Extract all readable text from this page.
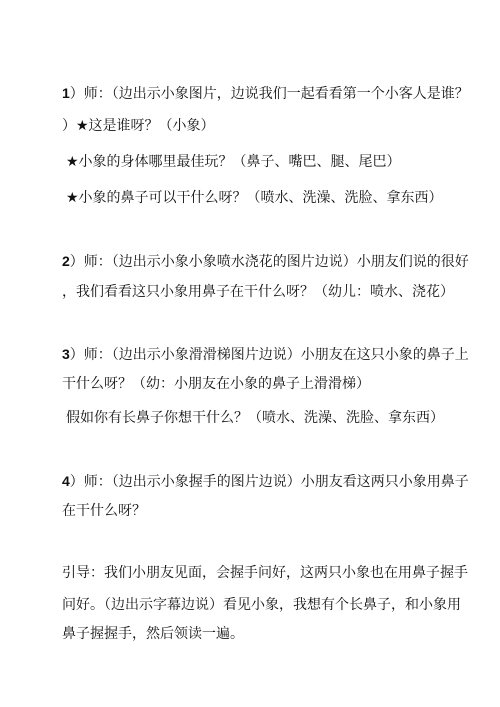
1）师：（边出示小象图片，边说我们一起看看第一个小客人是谁？
）★这是谁呀？（小象）
★小象的身体哪里最佳玩？（鼻子、嘴巴、腿、尾巴）
★小象的鼻子可以干什么呀？（喷水、洗澡、洗脸、拿东西）
2）师：（边出示小象小象喷水浇花的图片边说）小朋友们说的很好
，我们看看这只小象用鼻子在干什么呀？（幼儿：喷水、浇花）
3）师：（边出示小象滑滑梯图片边说）小朋友在这只小象的鼻子上
干什么呀？（幼：小朋友在小象的鼻子上滑滑梯）
假如你有长鼻子你想干什么？（喷水、洗澡、洗脸、拿东西）
4）师：（边出示小象握手的图片边说）小朋友看这两只小象用鼻子
在干什么呀？
引导：我们小朋友见面，会握手问好，这两只小象也在用鼻子握手
问好。（边出示字幕边说）看见小象，我想有个长鼻子，和小象用
鼻子握握手，然后领读一遍。
